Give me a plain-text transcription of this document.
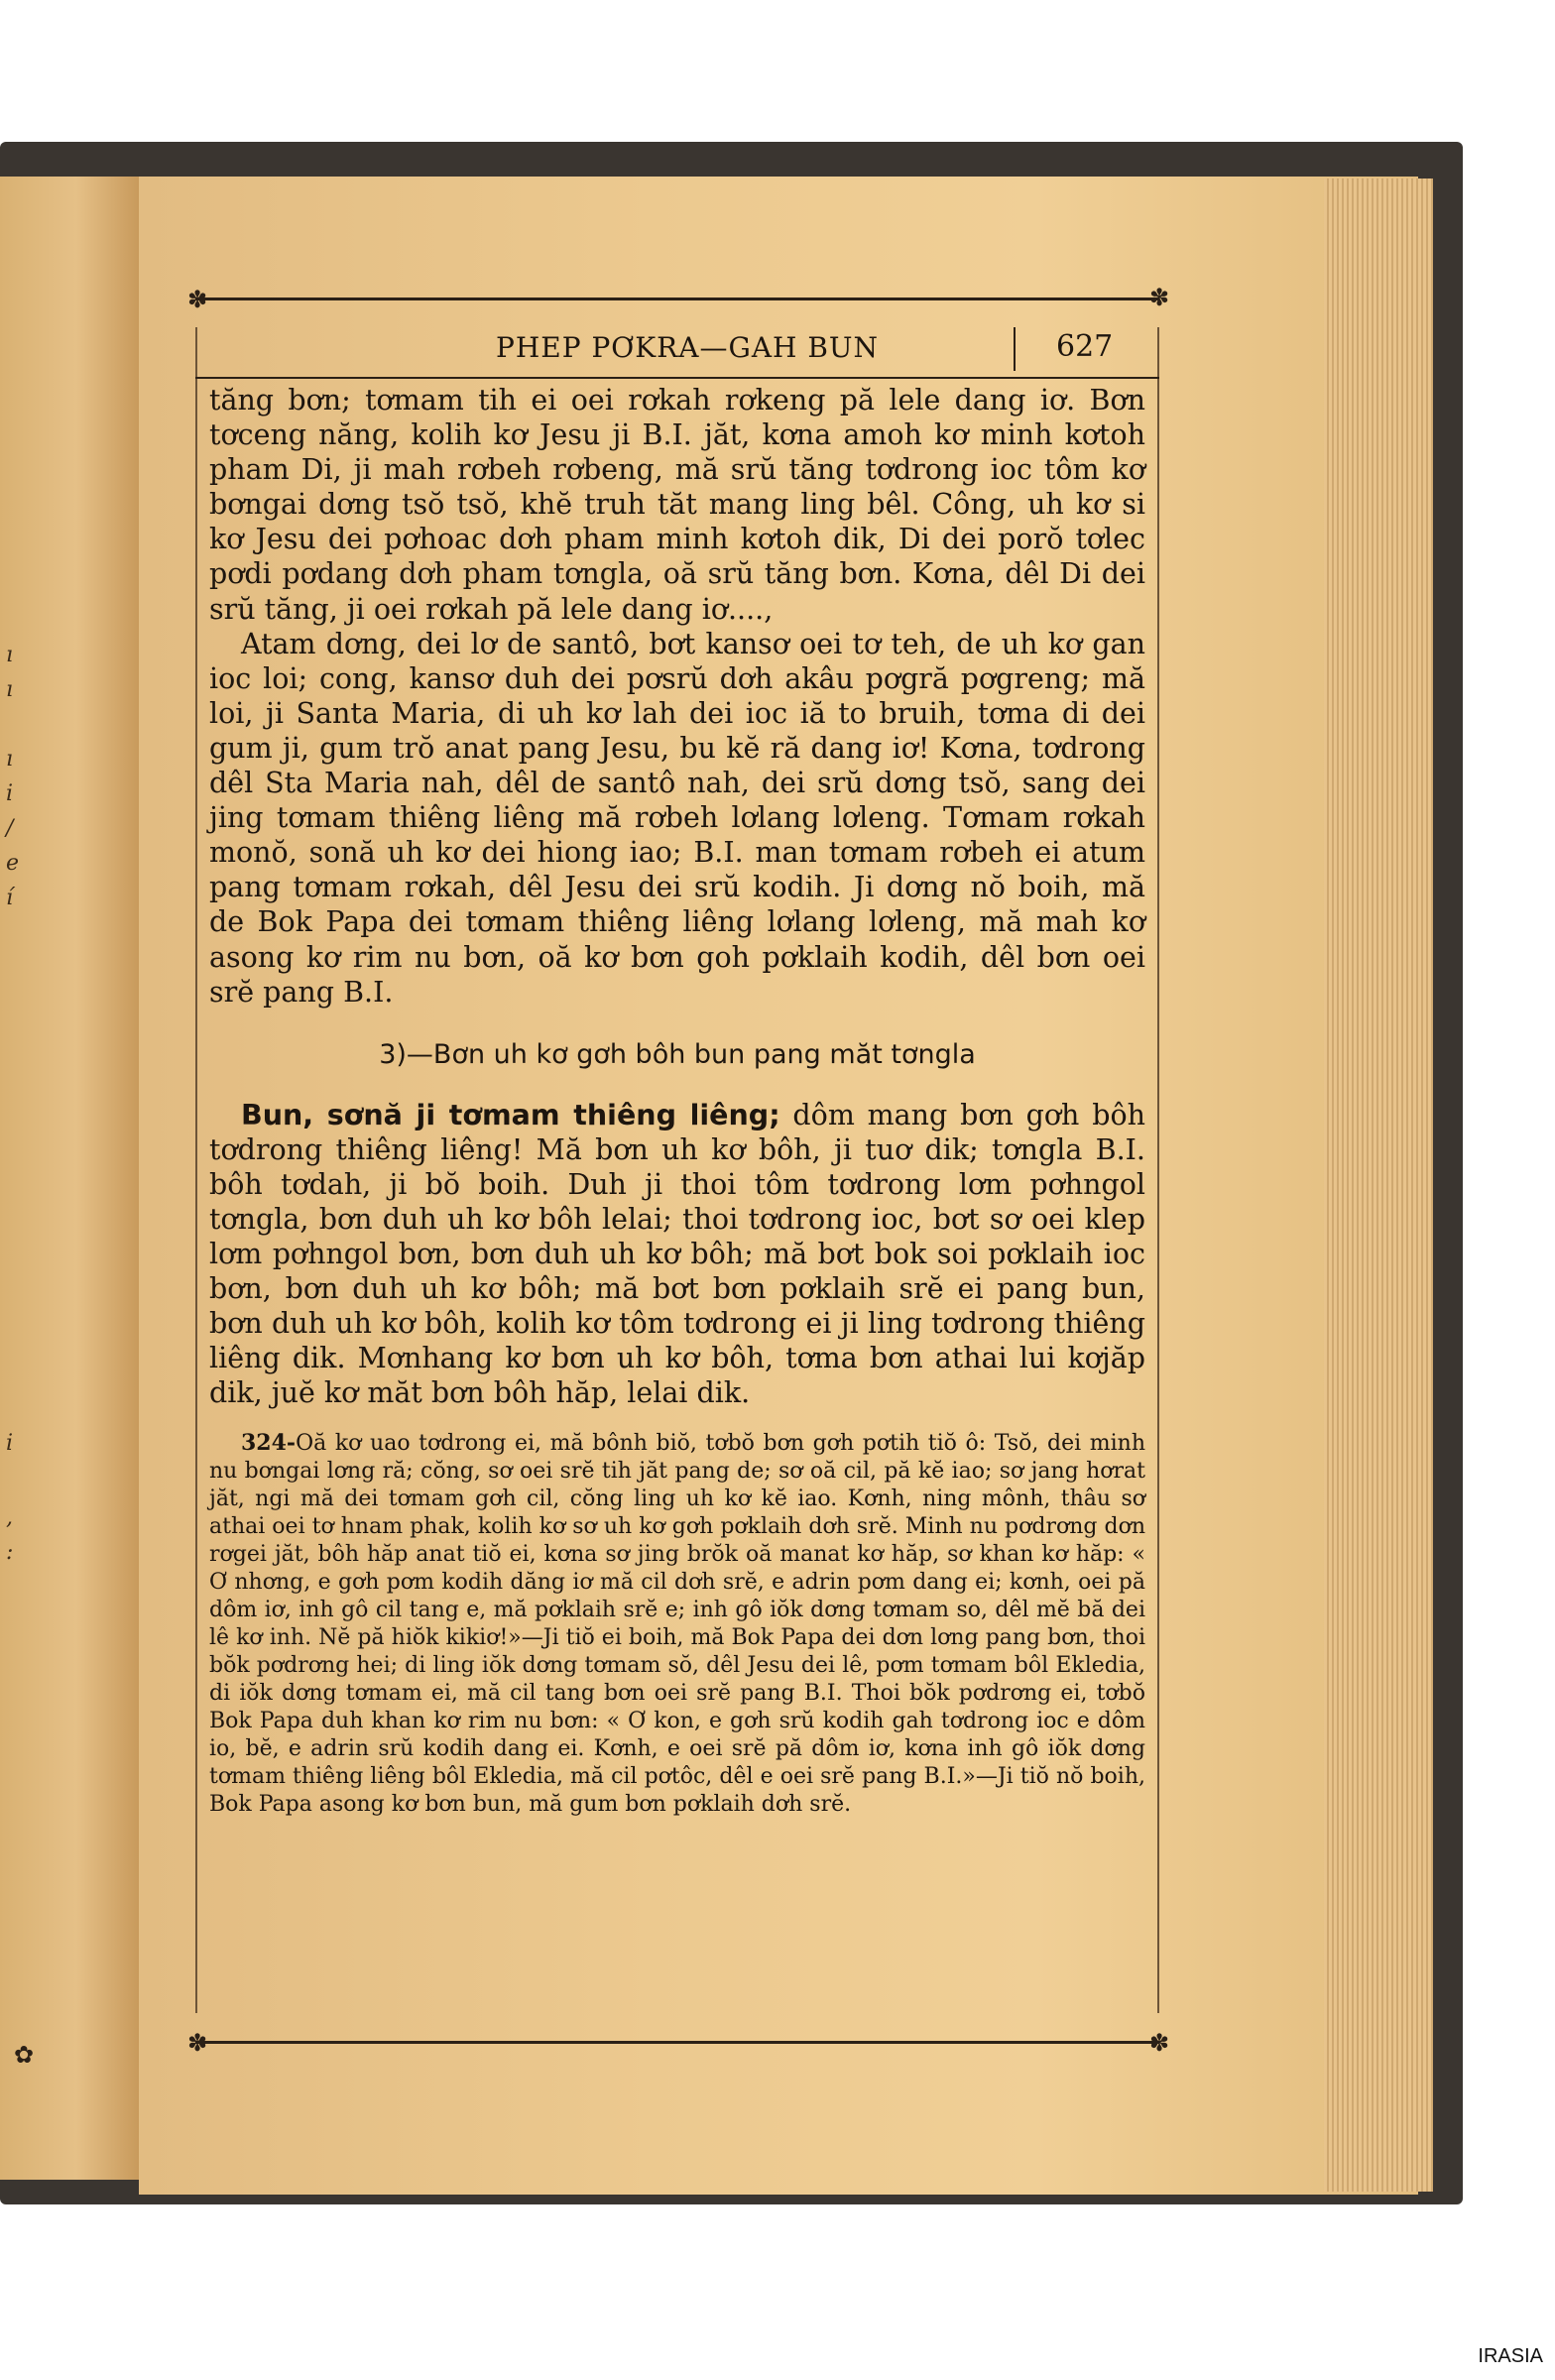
ı
ı
ı
i
/
e
í
i
,
:
✽	✽
PHEP PƠKRA—GAH BUN	627

tăng bơn; tơmam tih ei oei rơkah rơkeng pă lele dang iơ. Bơn tơceng năng, kolih kơ Jesu ji B.I. jăt, kơna amoh kơ minh kơtoh pham Di, ji mah rơbeh rơbeng, mă srŭ tăng tơdrong ioc tôm kơ bơngai dơng tsŏ tsŏ, khĕ truh tăt mang ling bêl. Công, uh kơ si kơ Jesu dei pơhoac dơh pham minh kơtoh dik, Di dei porŏ tơlec pơdi pơdang dơh pham tơngla, oă srŭ tăng bơn. Kơna, dêl Di dei srŭ tăng, ji oei rơkah pă lele dang iơ....,

Atam dơng, dei lơ de santô, bơt kansơ oei tơ teh, de uh kơ gan ioc loi; cong, kansơ duh dei pơsrŭ dơh akâu pơgră pơgreng; mă loi, ji Santa Maria, di uh kơ lah dei ioc iă to bruih, tơma di dei gum ji, gum trŏ anat pang Jesu, bu kĕ ră dang iơ! Kơna, tơdrong dêl Sta Maria nah, dêl de santô nah, dei srŭ dơng tsŏ, sang dei jing tơmam thiêng liêng mă rơbeh lơlang lơleng. Tơmam rơkah monŏ, sonă uh kơ dei hiong iao; B.I. man tơmam rơbeh ei atum pang tơmam rơkah, dêl Jesu dei srŭ kodih. Ji dơng nŏ boih, mă de Bok Papa dei tơmam thiêng liêng lơlang lơleng, mă mah kơ asong kơ rim nu bơn, oă kơ bơn goh pơklaih kodih, dêl bơn oei srĕ pang B.I.

3)—Bơn uh kơ gơh bôh bun pang măt tơngla

Bun, sơnă ji tơmam thiêng liêng; dôm mang bơn gơh bôh tơdrong thiêng liêng! Mă bơn uh kơ bôh, ji tuơ dik; tơngla B.I. bôh tơdah, ji bŏ boih. Duh ji thoi tôm tơdrong lơm pơhngol tơngla, bơn duh uh kơ bôh lelai; thoi tơdrong ioc, bơt sơ oei klep lơm pơhngol bơn, bơn duh uh kơ bôh; mă bơt bok soi pơklaih ioc bơn, bơn duh uh kơ bôh; mă bơt bơn pơklaih srĕ ei pang bun, bơn duh uh kơ bôh, kolih kơ tôm tơdrong ei ji ling tơdrong thiêng liêng dik. Mơnhang kơ bơn uh kơ bôh, tơma bơn athai lui kơjăp dik, juĕ kơ măt bơn bôh hăp, lelai dik.

324-Oă kơ uao tơdrong ei, mă bônh biŏ, tơbŏ bơn gơh pơtih tiŏ ô: Tsŏ, dei minh nu bơngai lơng ră; cŏng, sơ oei srĕ tih jăt pang de; sơ oă cil, pă kĕ iao; sơ jang hơrat jăt, ngi mă dei tơmam gơh cil, cŏng ling uh kơ kĕ iao. Kơnh, ning mônh, thâu sơ athai oei tơ hnam phak, kolih kơ sơ uh kơ gơh pơklaih dơh srĕ. Minh nu pơdrơng dơn rơgei jăt, bôh hăp anat tiŏ ei, kơna sơ jing brŏk oă manat kơ hăp, sơ khan kơ hăp: « Ơ nhơng, e gơh pơm kodih dăng iơ mă cil dơh srĕ, e adrin pơm dang ei; kơnh, oei pă dôm iơ, inh gô cil tang e, mă pơklaih srĕ e; inh gô iŏk dơng tơmam so, dêl mĕ bă dei lê kơ inh. Nĕ pă hiŏk kikiơ!»—Ji tiŏ ei boih, mă Bok Papa dei dơn lơng pang bơn, thoi bŏk pơdrơng hei; di ling iŏk dơng tơmam sŏ, dêl Jesu dei lê, pơm tơmam bôl Ekledia, di iŏk dơng tơmam ei, mă cil tang bơn oei srĕ pang B.I. Thoi bŏk pơdrơng ei, tơbŏ Bok Papa duh khan kơ rim nu bơn: « Ơ kon, e gơh srŭ kodih gah tơdrong ioc e dôm io, bĕ, e adrin srŭ kodih dang ei. Kơnh, e oei srĕ pă dôm iơ, kơna inh gô iŏk dơng tơmam thiêng liêng bôl Ekledia, mă cil pơtôc, dêl e oei srĕ pang B.I.»—Ji tiŏ nŏ boih, Bok Papa asong kơ bơn bun, mă gum bơn pơklaih dơh srĕ.

✽	✽
✿
IRASIA
